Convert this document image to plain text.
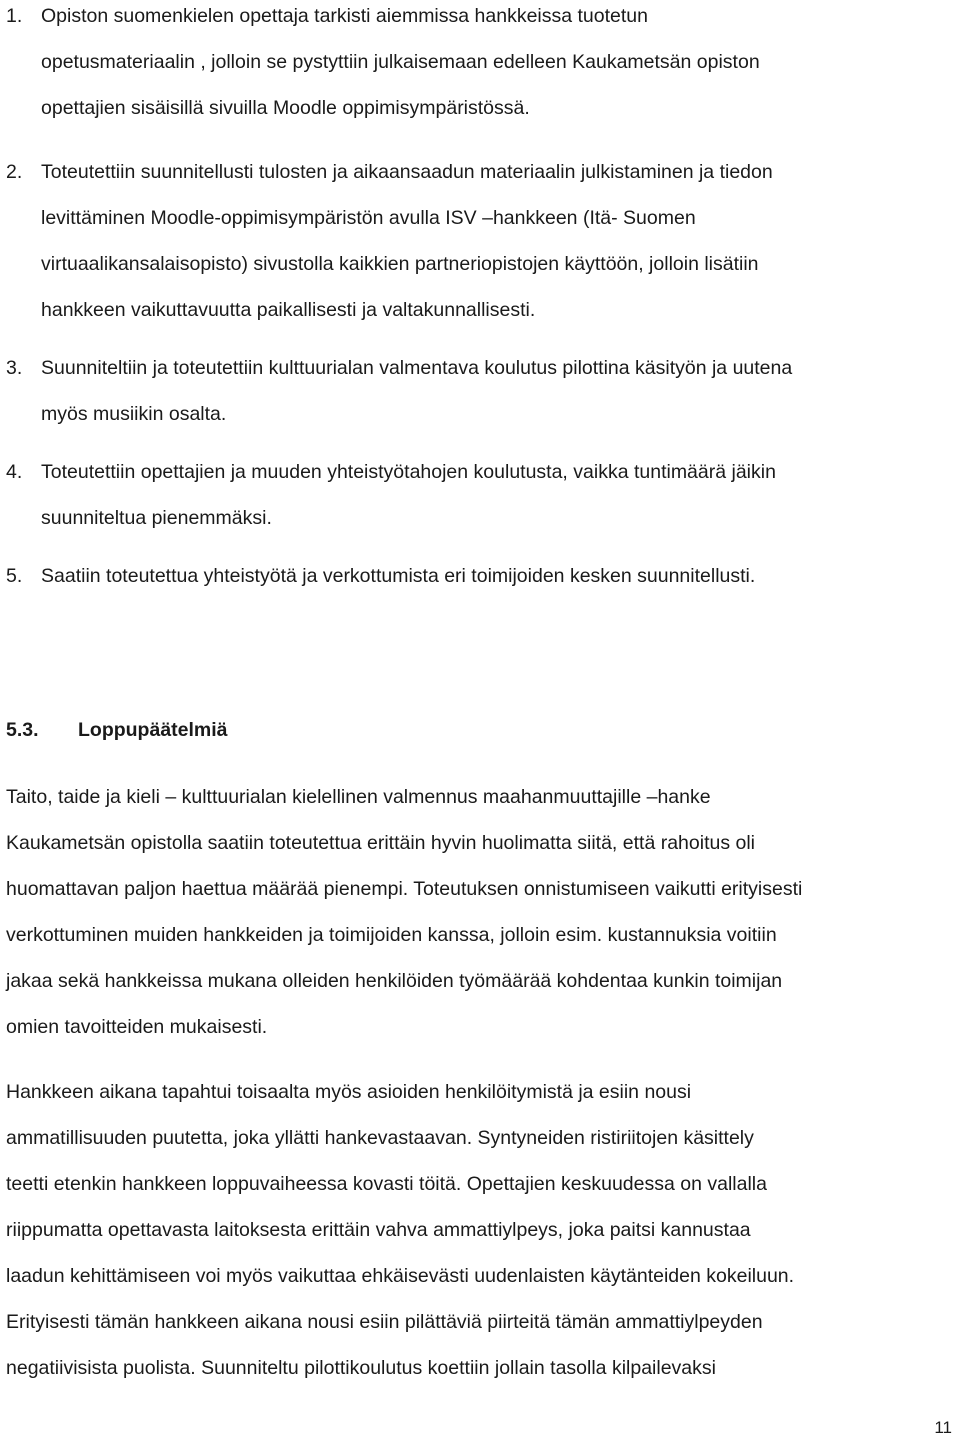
1. Opiston suomenkielen opettaja tarkisti aiemmissa hankkeissa tuotetun
opetusmateriaalin , jolloin se pystyttiin julkaisemaan edelleen Kaukametsän opiston
opettajien sisäisillä sivuilla Moodle oppimisympäristössä.
2. Toteutettiin suunnitellusti tulosten ja aikaansaadun materiaalin julkistaminen ja tiedon
levittäminen Moodle-oppimisympäristön avulla ISV –hankkeen (Itä- Suomen
virtuaalikansalaisopisto) sivustolla kaikkien partneriopistojen käyttöön, jolloin lisätiin
hankkeen vaikuttavuutta paikallisesti ja valtakunnallisesti.
3. Suunniteltiin ja toteutettiin kulttuurialan valmentava koulutus pilottina käsityön ja uutena
myös musiikin osalta.
4. Toteutettiin opettajien ja muuden yhteistyötahojen koulutusta, vaikka tuntimäärä jäikin
suunniteltua pienemmäksi.
5. Saatiin toteutettua yhteistyötä ja verkottumista eri toimijoiden kesken suunnitellusti.
5.3. Loppupäätelmiä

Taito, taide ja kieli – kulttuurialan kielellinen valmennus maahanmuuttajille –hanke
Kaukametsän opistolla saatiin toteutettua erittäin hyvin huolimatta siitä, että rahoitus oli
huomattavan paljon haettua määrää pienempi. Toteutuksen onnistumiseen vaikutti erityisesti
verkottuminen muiden hankkeiden ja toimijoiden kanssa, jolloin esim. kustannuksia voitiin
jakaa sekä hankkeissa mukana olleiden henkilöiden työmäärää kohdentaa kunkin toimijan
omien tavoitteiden mukaisesti.

Hankkeen aikana tapahtui toisaalta myös asioiden henkilöitymistä ja esiin nousi
ammatillisuuden puutetta, joka yllätti hankevastaavan. Syntyneiden ristiriitojen käsittely
teetti etenkin hankkeen loppuvaiheessa kovasti töitä. Opettajien keskuudessa on vallalla
riippumatta opettavasta laitoksesta erittäin vahva ammattiylpeys, joka paitsi kannustaa
laadun kehittämiseen voi myös vaikuttaa ehkäisevästi uudenlaisten käytänteiden kokeiluun.
Erityisesti tämän hankkeen aikana nousi esiin pilättäviä piirteitä tämän ammattiylpeyden
negatiivisista puolista. Suunniteltu pilottikoulutus koettiin jollain tasolla kilpailevaksi

11
